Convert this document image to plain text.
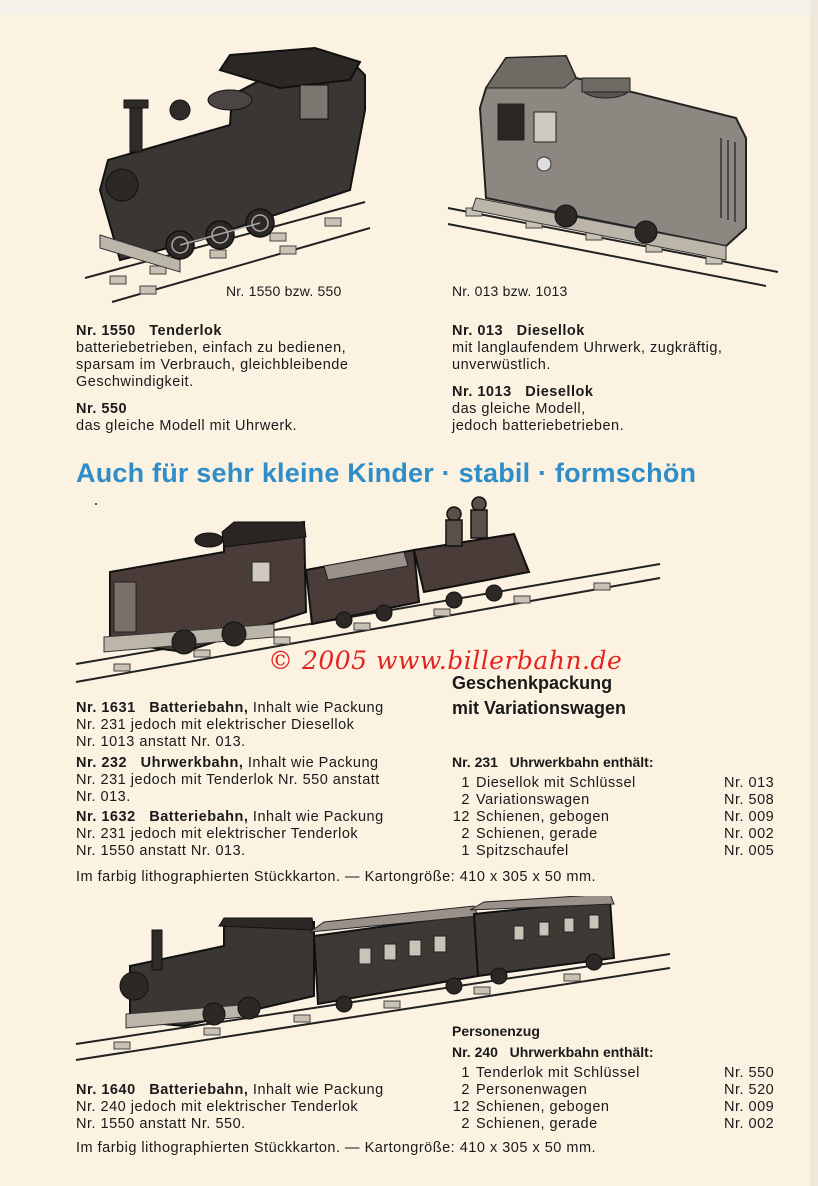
Nr. 1550 bzw. 550	Nr. 013 bzw. 1013
Nr. 1550 Tenderlok
batteriebetrieben, einfach zu bedienen,
sparsam im Verbrauch, gleichbleibende
Geschwindigkeit.
Nr. 550
das gleiche Modell mit Uhrwerk.
Nr. 013 Diesellok
mit langlaufendem Uhrwerk, zugkräftig,
unverwüstlich.
Nr. 1013 Diesellok
das gleiche Modell,
jedoch batteriebetrieben.
Auch für sehr kleine Kinder · stabil · formschön
© 2005 www.billerbahn.de
Geschenkpackung
mit Variationswagen
Nr. 1631 Batteriebahn, Inhalt wie Packung
Nr. 231 jedoch mit elektrischer Diesellok
Nr. 1013 anstatt Nr. 013.
Nr. 232 Uhrwerkbahn, Inhalt wie Packung
Nr. 231 jedoch mit Tenderlok Nr. 550 anstatt
Nr. 013.
Nr. 1632 Batteriebahn, Inhalt wie Packung
Nr. 231 jedoch mit elektrischer Tenderlok
Nr. 1550 anstatt Nr. 013.
Nr. 231   Uhrwerkbahn enthält:
1 Diesellok mit Schlüssel	Nr. 013
2 Variationswagen	Nr. 508
12 Schienen, gebogen	Nr. 009
2 Schienen, gerade	Nr. 002
1 Spitzschaufel	Nr. 005
Im farbig lithographierten Stückkarton. — Kartongröße: 410 x 305 x 50 mm.
Personenzug
Nr. 240   Uhrwerkbahn enthält:
1 Tenderlok mit Schlüssel	Nr. 550
2 Personenwagen	Nr. 520
12 Schienen, gebogen	Nr. 009
2 Schienen, gerade	Nr. 002
Nr. 1640 Batteriebahn, Inhalt wie Packung
Nr. 240 jedoch mit elektrischer Tenderlok
Nr. 1550 anstatt Nr. 550.
Im farbig lithographierten Stückkarton. — Kartongröße: 410 x 305 x 50 mm.
